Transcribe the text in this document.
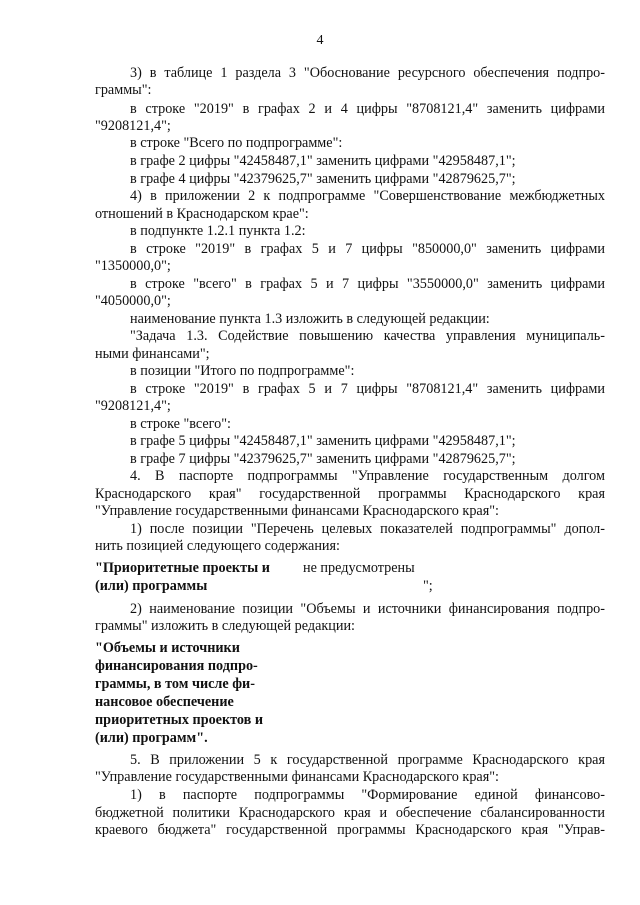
4
3) в таблице 1 раздела 3 "Обоснование ресурсного обеспечения подпро-
граммы":
в строке "2019" в графах 2 и 4 цифры "8708121,4" заменить цифрами
"9208121,4";
в строке "Всего по подпрограмме":
в графе 2 цифры "42458487,1" заменить цифрами "42958487,1";
в графе 4 цифры "42379625,7" заменить цифрами "42879625,7";
4) в приложении 2 к подпрограмме "Совершенствование межбюджетных
отношений в Краснодарском крае":
в подпункте 1.2.1 пункта 1.2:
в строке "2019" в графах 5 и 7 цифры "850000,0" заменить цифрами
"1350000,0";
в строке "всего" в графах 5 и 7 цифры "3550000,0" заменить цифрами
"4050000,0";
наименование пункта 1.3 изложить в следующей редакции:
"Задача 1.3. Содействие повышению качества управления муниципаль-
ными финансами";
в позиции "Итого по подпрограмме":
в строке "2019" в графах 5 и 7 цифры "8708121,4" заменить цифрами
"9208121,4";
в строке "всего":
в графе 5 цифры "42458487,1" заменить цифрами "42958487,1";
в графе 7 цифры "42379625,7" заменить цифрами "42879625,7";
4. В паспорте подпрограммы "Управление государственным долгом
Краснодарского края" государственной программы Краснодарского края
"Управление государственными финансами Краснодарского края":
1) после позиции "Перечень целевых показателей подпрограммы" допол-
нить позицией следующего содержания:
"Приоритетные проекты и не предусмотрены
(или) программы	";
2) наименование позиции "Объемы и источники финансирования подпро-
граммы" изложить в следующей редакции:
"Объемы и источники
финансирования подпро-
граммы, в том числе фи-
нансовое обеспечение
приоритетных проектов и
(или) программ".
5. В приложении 5 к государственной программе Краснодарского края
"Управление государственными финансами Краснодарского края":
1) в паспорте подпрограммы "Формирование единой финансово-
бюджетной политики Краснодарского края и обеспечение сбалансированности
краевого бюджета" государственной программы Краснодарского края "Управ-
